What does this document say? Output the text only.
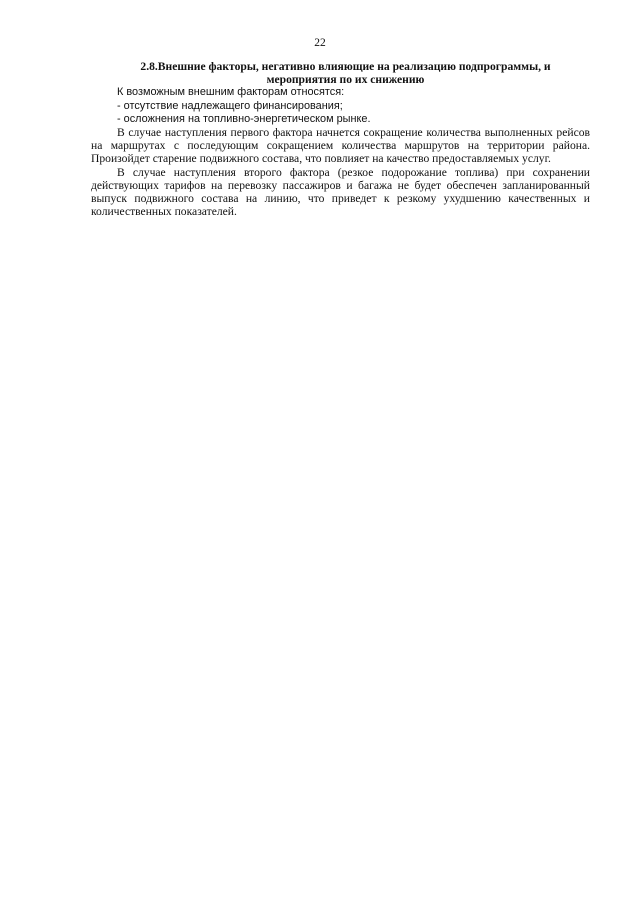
22
2.8.Внешние факторы, негативно влияющие на реализацию подпрограммы, и
мероприятия по их снижению

К возможным внешним факторам относятся:

- отсутствие надлежащего финансирования;

- осложнения на топливно-энергетическом рынке.

В случае наступления первого фактора начнется сокращение количества выполненных рейсов на маршрутах с последующим сокращением количества маршрутов на территории района. Произойдет старение подвижного состава, что повлияет на качество предоставляемых услуг.

В случае наступления второго фактора (резкое подорожание топлива) при сохранении действующих тарифов на перевозку пассажиров и багажа не будет обеспечен запланированный выпуск подвижного состава на линию, что приведет к резкому ухудшению качественных и количественных показателей.
